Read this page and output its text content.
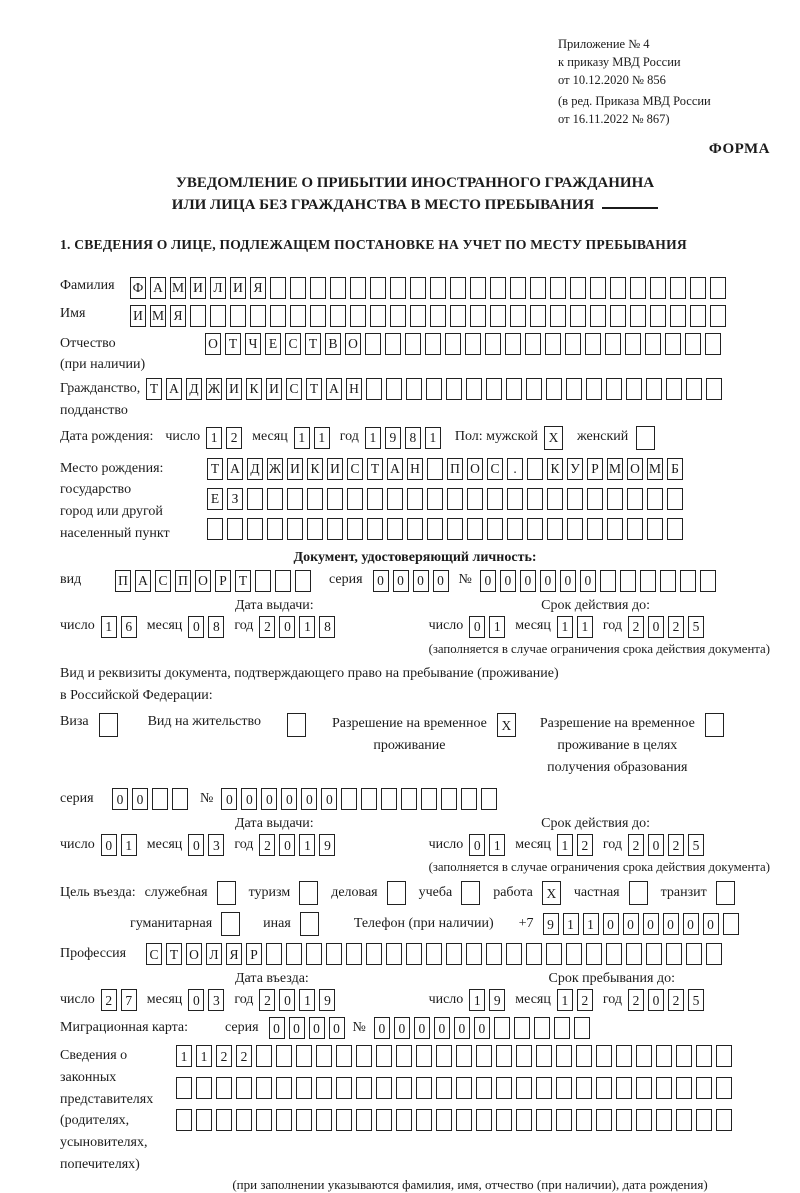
Приложение № 4
к приказу МВД России
от 10.12.2020 № 856
(в ред. Приказа МВД России
от 16.11.2022 № 867)
ФОРМА
УВЕДОМЛЕНИЕ О ПРИБЫТИИ ИНОСТРАННОГО ГРАЖДАНИНА
ИЛИ ЛИЦА БЕЗ ГРАЖДАНСТВА В МЕСТО ПРЕБЫВАНИЯ
1. СВЕДЕНИЯ О ЛИЦЕ, ПОДЛЕЖАЩЕМ ПОСТАНОВКЕ НА УЧЕТ ПО МЕСТУ ПРЕБЫВАНИЯ
Фамилия	Ф А М И Л И Я
Имя	И М Я
Отчество
(при наличии)
О Т Ч Е С Т В О
Гражданство,
подданство
Т А Д Ж И К И С Т А Н
Дата рождения: число 1 2	месяц 1 1	год 1 9 8 1	Пол: мужской X	женский
Место рождения:
государство
город или другой
населенный пункт
Т А Д Ж И К И С Т А Н П О С	.	К У Р М О М Б

Е З

Документ, удостоверяющий личность:
вид	П А С П О Р Т	серия	0 0 0 0	№ 0 0 0 0 0 0
Дата выдачи:	Срок действия до:
число 1 6	месяц 0 8	год 2 0 1 8	число 0 1	месяц 1 1	год 2 0 2 5
(заполняется в случае ограничения срока действия документа)
Вид и реквизиты документа, подтверждающего право на пребывание (проживание)
в Российской Федерации:
Виза	Вид на жительство	Разрешение на временное
проживание
X	Разрешение на временное
проживание в целях
получения образования
серия	0 0	№ 0 0 0 0 0 0
Дата выдачи:	Срок действия до:
число 0 1	месяц 0 3	год 2 0 1 9	число 0 1	месяц 1 2	год 2 0 2 5
(заполняется в случае ограничения срока действия документа)
Цель въезда: служебная	туризм	деловая	учеба	работа	X	частная	транзит
гуманитарная	иная	Телефон (при наличии) +7	9 1 1 0 0 0 0 0 0
Профессия	С Т О Л Я Р
Дата въезда:	Срок пребывания до:
число 2 7	месяц 0 3	год 2 0 1 9	число 1 9	месяц 1 2	год 2 0 2 5
Миграционная карта:	серия	0 0 0 0 № 0 0 0 0 0 0
Сведения о
законных
представителях
(родителях,
усыновителях,
попечителях)
1 1 2 2

(при заполнении указываются фамилия, имя, отчество (при наличии), дата рождения)
